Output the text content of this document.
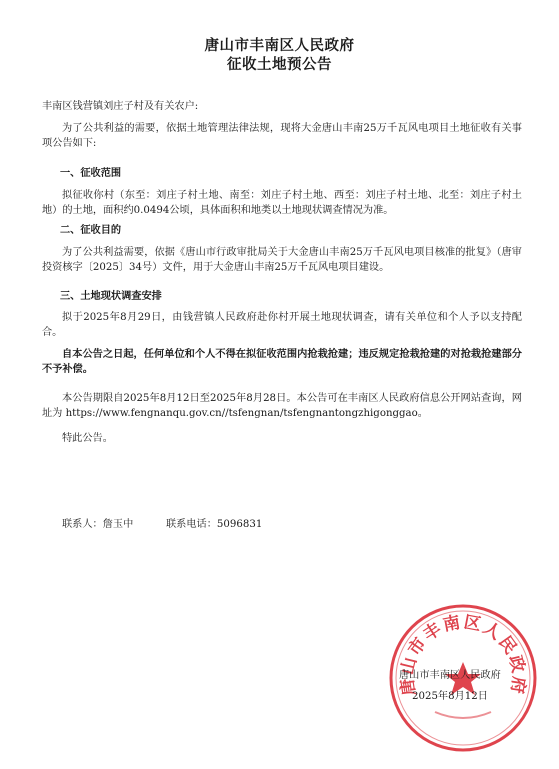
唐山市丰南区人民政府
征收土地预公告
丰南区钱营镇刘庄子村及有关农户:
为了公共利益的需要，依据土地管理法律法规，现将大金唐山丰南25万千瓦风电项目土地征收有关事项公告如下:
一、征收范围
拟征收你村（东至：刘庄子村土地、南至：刘庄子村土地、西至：刘庄子村土地、北至：刘庄子村土地）的土地，面积约0.0494公顷，具体面积和地类以土地现状调查情况为准。
二、征收目的
为了公共利益需要，依据《唐山市行政审批局关于大金唐山丰南25万千瓦风电项目核准的批复》（唐审投资核字〔2025〕34号）文件，用于大金唐山丰南25万千瓦风电项目建设。
三、土地现状调查安排
拟于2025年8月29日，由钱营镇人民政府赴你村开展土地现状调查，请有关单位和个人予以支持配合。
自本公告之日起，任何单位和个人不得在拟征收范围内抢栽抢建；违反规定抢栽抢建的对抢栽抢建部分不予补偿。
本公告期限自2025年8月12日至2025年8月28日。本公告可在丰南区人民政府信息公开网站查询，网址为 https://www.fengnanqu.gov.cn//tsfengnan/tsfengnantongzhigonggao。
特此公告。
联系人：詹玉中	联系电话：5096831
唐山市丰南区人民政府
唐山市丰南区人民政府
2025年8月12日
